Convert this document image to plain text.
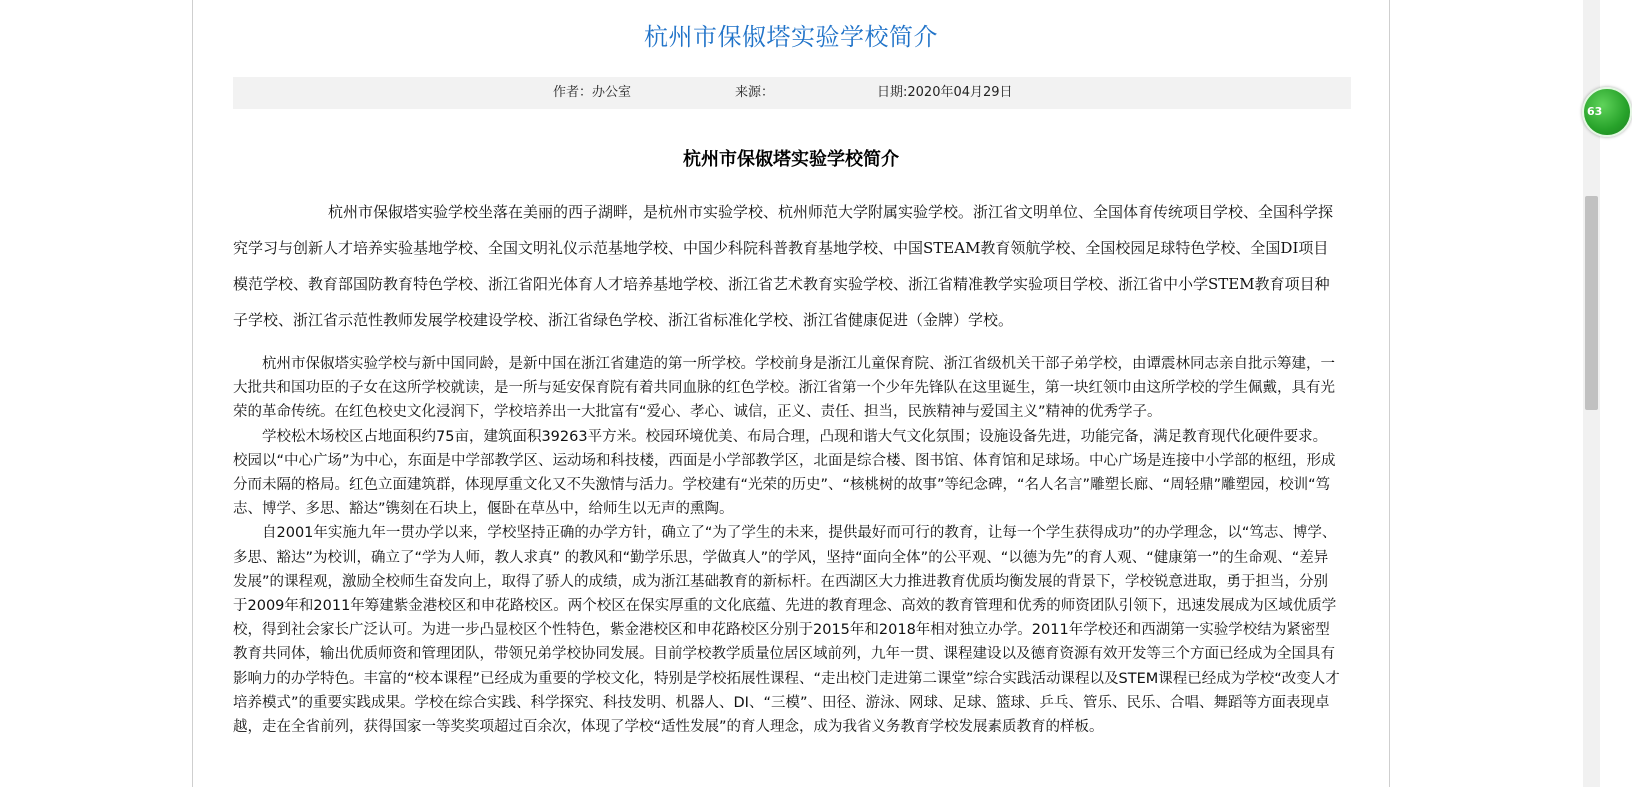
杭州市保俶塔实验学校简介
作者：办公室	来源：	日期:2020年04月29日
杭州市保俶塔实验学校简介
杭州市保俶塔实验学校坐落在美丽的西子湖畔，是杭州市实验学校、杭州师范大学附属实验学校。浙江省文明单位、全国体育传统项目学校、全国科学探究学习与创新人才培养实验基地学校、全国文明礼仪示范基地学校、中国少科院科普教育基地学校、中国STEAM教育领航学校、全国校园足球特色学校、全国DI项目模范学校、教育部国防教育特色学校、浙江省阳光体育人才培养基地学校、浙江省艺术教育实验学校、浙江省精准教学实验项目学校、浙江省中小学STEM教育项目种子学校、浙江省示范性教师发展学校建设学校、浙江省绿色学校、浙江省标准化学校、浙江省健康促进（金牌）学校。

杭州市保俶塔实验学校与新中国同龄，是新中国在浙江省建造的第一所学校。学校前身是浙江儿童保育院、浙江省级机关干部子弟学校，由谭震林同志亲自批示筹建，一大批共和国功臣的子女在这所学校就读，是一所与延安保育院有着共同血脉的红色学校。浙江省第一个少年先锋队在这里诞生，第一块红领巾由这所学校的学生佩戴，具有光荣的革命传统。在红色校史文化浸润下，学校培养出一大批富有“爱心、孝心、诚信，正义、责任、担当，民族精神与爱国主义”精神的优秀学子。

学校松木场校区占地面积约75亩，建筑面积39263平方米。校园环境优美、布局合理，凸现和谐大气文化氛围；设施设备先进，功能完备，满足教育现代化硬件要求。校园以“中心广场”为中心，东面是中学部教学区、运动场和科技楼，西面是小学部教学区，北面是综合楼、图书馆、体育馆和足球场。中心广场是连接中小学部的枢纽，形成分而未隔的格局。红色立面建筑群，体现厚重文化又不失激情与活力。学校建有“光荣的历史”、“核桃树的故事”等纪念碑，“名人名言”雕塑长廊、“周轻鼎”雕塑园，校训“笃志、博学、多思、豁达”镌刻在石块上，偃卧在草丛中，给师生以无声的熏陶。

自2001年实施九年一贯办学以来，学校坚持正确的办学方针，确立了“为了学生的未来，提供最好而可行的教育，让每一个学生获得成功”的办学理念，以“笃志、博学、多思、豁达”为校训，确立了“学为人师，教人求真” 的教风和“勤学乐思，学做真人”的学风，坚持“面向全体”的公平观、“以德为先”的育人观、“健康第一”的生命观、“差异发展”的课程观，激励全校师生奋发向上，取得了骄人的成绩，成为浙江基础教育的新标杆。在西湖区大力推进教育优质均衡发展的背景下，学校锐意进取，勇于担当，分别于2009年和2011年筹建紫金港校区和申花路校区。两个校区在保实厚重的文化底蕴、先进的教育理念、高效的教育管理和优秀的师资团队引领下，迅速发展成为区域优质学校，得到社会家长广泛认可。为进一步凸显校区个性特色，紫金港校区和申花路校区分别于2015年和2018年相对独立办学。2011年学校还和西湖第一实验学校结为紧密型教育共同体，输出优质师资和管理团队，带领兄弟学校协同发展。目前学校教学质量位居区域前列，九年一贯、课程建设以及德育资源有效开发等三个方面已经成为全国具有影响力的办学特色。丰富的“校本课程”已经成为重要的学校文化，特别是学校拓展性课程、“走出校门走进第二课堂”综合实践活动课程以及STEM课程已经成为学校“改变人才培养模式”的重要实践成果。学校在综合实践、科学探究、科技发明、机器人、DI、“三模”、田径、游泳、网球、足球、篮球、乒乓、管乐、民乐、合唱、舞蹈等方面表现卓越，走在全省前列，获得国家一等奖奖项超过百余次，体现了学校“适性发展”的育人理念，成为我省义务教育学校发展素质教育的样板。

63
